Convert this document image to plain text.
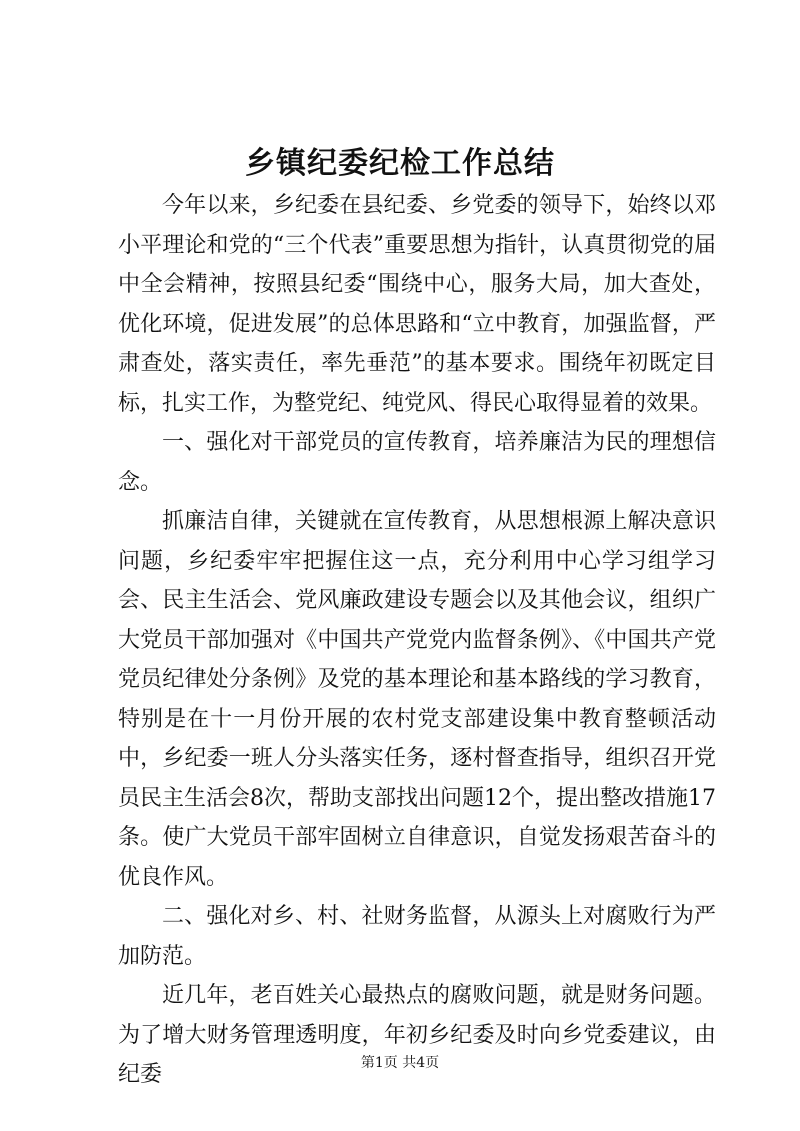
乡镇纪委纪检工作总结

今年以来，乡纪委在县纪委、乡党委的领导下，始终以邓小平理论和党的“三个代表”重要思想为指针，认真贯彻党的届中全会精神，按照县纪委“围绕中心，服务大局，加大查处，优化环境，促进发展”的总体思路和“立中教育，加强监督，严肃查处，落实责任，率先垂范”的基本要求。围绕年初既定目标，扎实工作，为整党纪、纯党风、得民心取得显着的效果。

一、强化对干部党员的宣传教育，培养廉洁为民的理想信念。

抓廉洁自律，关键就在宣传教育，从思想根源上解决意识问题，乡纪委牢牢把握住这一点，充分利用中心学习组学习会、民主生活会、党风廉政建设专题会以及其他会议，组织广大党员干部加强对《中国共产党党内监督条例》、《中国共产党党员纪律处分条例》及党的基本理论和基本路线的学习教育，特别是在十一月份开展的农村党支部建设集中教育整顿活动中，乡纪委一班人分头落实任务，逐村督查指导，组织召开党员民主生活会8次，帮助支部找出问题12个，提出整改措施17条。使广大党员干部牢固树立自律意识，自觉发扬艰苦奋斗的优良作风。

二、强化对乡、村、社财务监督，从源头上对腐败行为严加防范。

近几年，老百姓关心最热点的腐败问题，就是财务问题。为了增大财务管理透明度，年初乡纪委及时向乡党委建议，由纪委	第1页 共4页
